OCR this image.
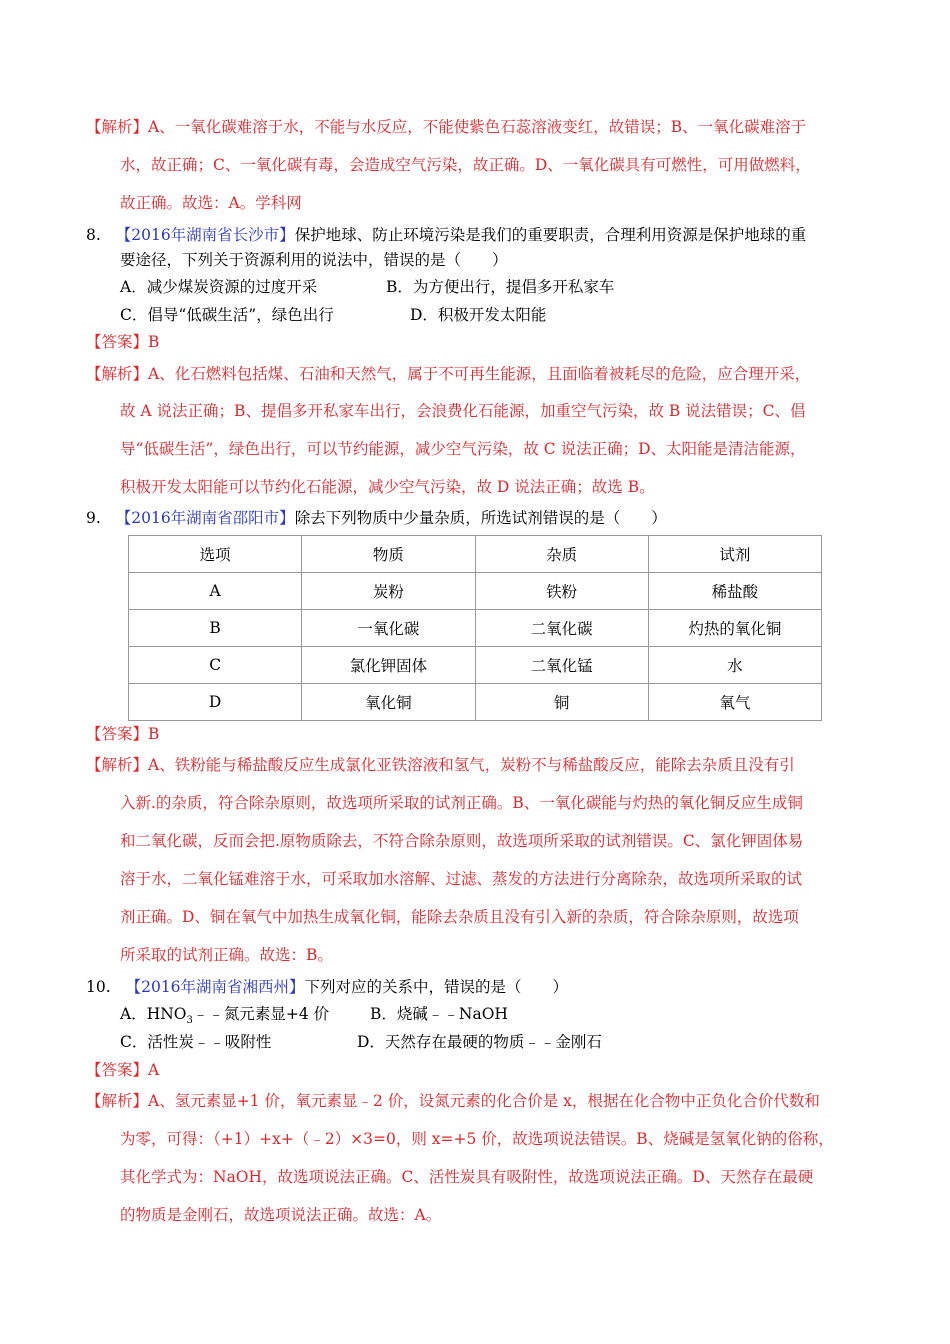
【解析】A、一氧化碳难溶于水，不能与水反应，不能使紫色石蕊溶液变红，故错误；B、一氧化碳难溶于
水，故正确；C、一氧化碳有毒，会造成空气污染，故正确。D、一氧化碳具有可燃性，可用做燃料，
故正确。故选：A。学科网
8. 【2016年湖南省长沙市】保护地球、防止环境污染是我们的重要职责，合理利用资源是保护地球的重
要途径，下列关于资源利用的说法中，错误的是（　　）
A．减少煤炭资源的过度开采	B．为方便出行，提倡多开私家车
C．倡导“低碳生活”，绿色出行	D．积极开发太阳能
【答案】B
【解析】A、化石燃料包括煤、石油和天然气，属于不可再生能源，且面临着被耗尽的危险，应合理开采，
故 A 说法正确；B、提倡多开私家车出行，会浪费化石能源，加重空气污染，故 B 说法错误；C、倡
导“低碳生活”，绿色出行，可以节约能源，减少空气污染，故 C 说法正确；D、太阳能是清洁能源，
积极开发太阳能可以节约化石能源，减少空气污染，故 D 说法正确；故选 B。
9. 【2016年湖南省邵阳市】除去下列物质中少量杂质，所选试剂错误的是（　　）
选项	物质	杂质	试剂
A	炭粉	铁粉	稀盐酸
B	一氧化碳	二氧化碳	灼热的氧化铜
C	氯化钾固体	二氧化锰	水
D	氧化铜	铜	氧气
【答案】B
【解析】A、铁粉能与稀盐酸反应生成氯化亚铁溶液和氢气，炭粉不与稀盐酸反应，能除去杂质且没有引
入新.的杂质，符合除杂原则，故选项所采取的试剂正确。B、一氧化碳能与灼热的氧化铜反应生成铜
和二氧化碳，反而会把.原物质除去，不符合除杂原则，故选项所采取的试剂错误。C、氯化钾固体易
溶于水，二氧化锰难溶于水，可采取加水溶解、过滤、蒸发的方法进行分离除杂，故选项所采取的试
剂正确。D、铜在氧气中加热生成氧化铜，能除去杂质且没有引入新的杂质，符合除杂原则，故选项
所采取的试剂正确。故选：B。
10. 【2016年湖南省湘西州】下列对应的关系中，错误的是（　　）
A．$HNO_3﹣﹣$氮元素显+4 价	B．烧碱﹣﹣NaOH
C．活性炭﹣﹣吸附性	D．天然存在最硬的物质﹣﹣金刚石
【答案】A
【解析】A、氢元素显+1 价，氧元素显﹣2 价，设氮元素的化合价是 x，根据在化合物中正负化合价代数和
为零，可得：（+1）+x+（﹣2）×3=0，则 x=+5 价，故选项说法错误。B、烧碱是氢氧化钠的俗称，
其化学式为：NaOH，故选项说法正确。C、活性炭具有吸附性，故选项说法正确。D、天然存在最硬
的物质是金刚石，故选项说法正确。故选：A。
